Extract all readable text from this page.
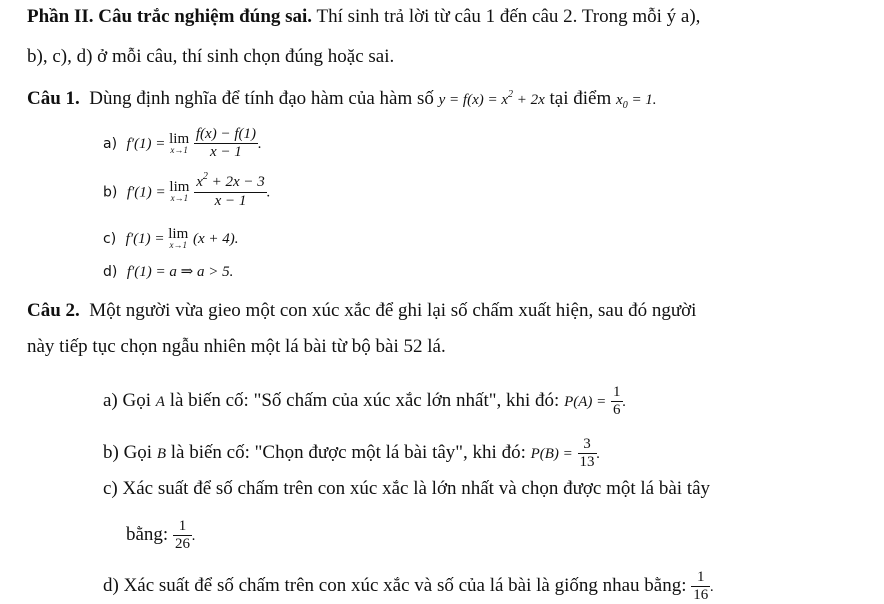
Phần II. Câu trắc nghiệm đúng sai. Thí sinh trả lời từ câu 1 đến câu 2. Trong mỗi ý a),
b), c), d) ở mỗi câu, thí sinh chọn đúng hoặc sai.
Câu 1. Dùng định nghĩa để tính đạo hàm của hàm số $y = f(x) = x^2 + 2x$ tại điểm $x_0 = 1$.
a) f′(1) = lim
x→1
$\frac{f(x) - f(1)}{x - 1}$ .
b) f′(1) = lim
x→1
$\frac{x^2 + 2x - 3}{x - 1}$ .
c) f′(1) = lim
x→1 (x + 4).
d) f′(1) = a ⇒ a > 5.
Câu 2. Một người vừa gieo một con xúc xắc để ghi lại số chấm xuất hiện, sau đó người
này tiếp tục chọn ngẫu nhiên một lá bài từ bộ bài 52 lá.
a) Gọi A là biến cố: "Số chấm của xúc xắc lớn nhất", khi đó: $P(A) = \frac{1}{6}$ .
b) Gọi B là biến cố: "Chọn được một lá bài tây", khi đó: $P(B) = \frac{3}{13}$ .
c) Xác suất để số chấm trên con xúc xắc là lớn nhất và chọn được một lá bài tây
bằng: $\frac{1}{26}$ .
d) Xác suất để số chấm trên con xúc xắc và số của lá bài là giống nhau bằng: $\frac{1}{16}$ .
